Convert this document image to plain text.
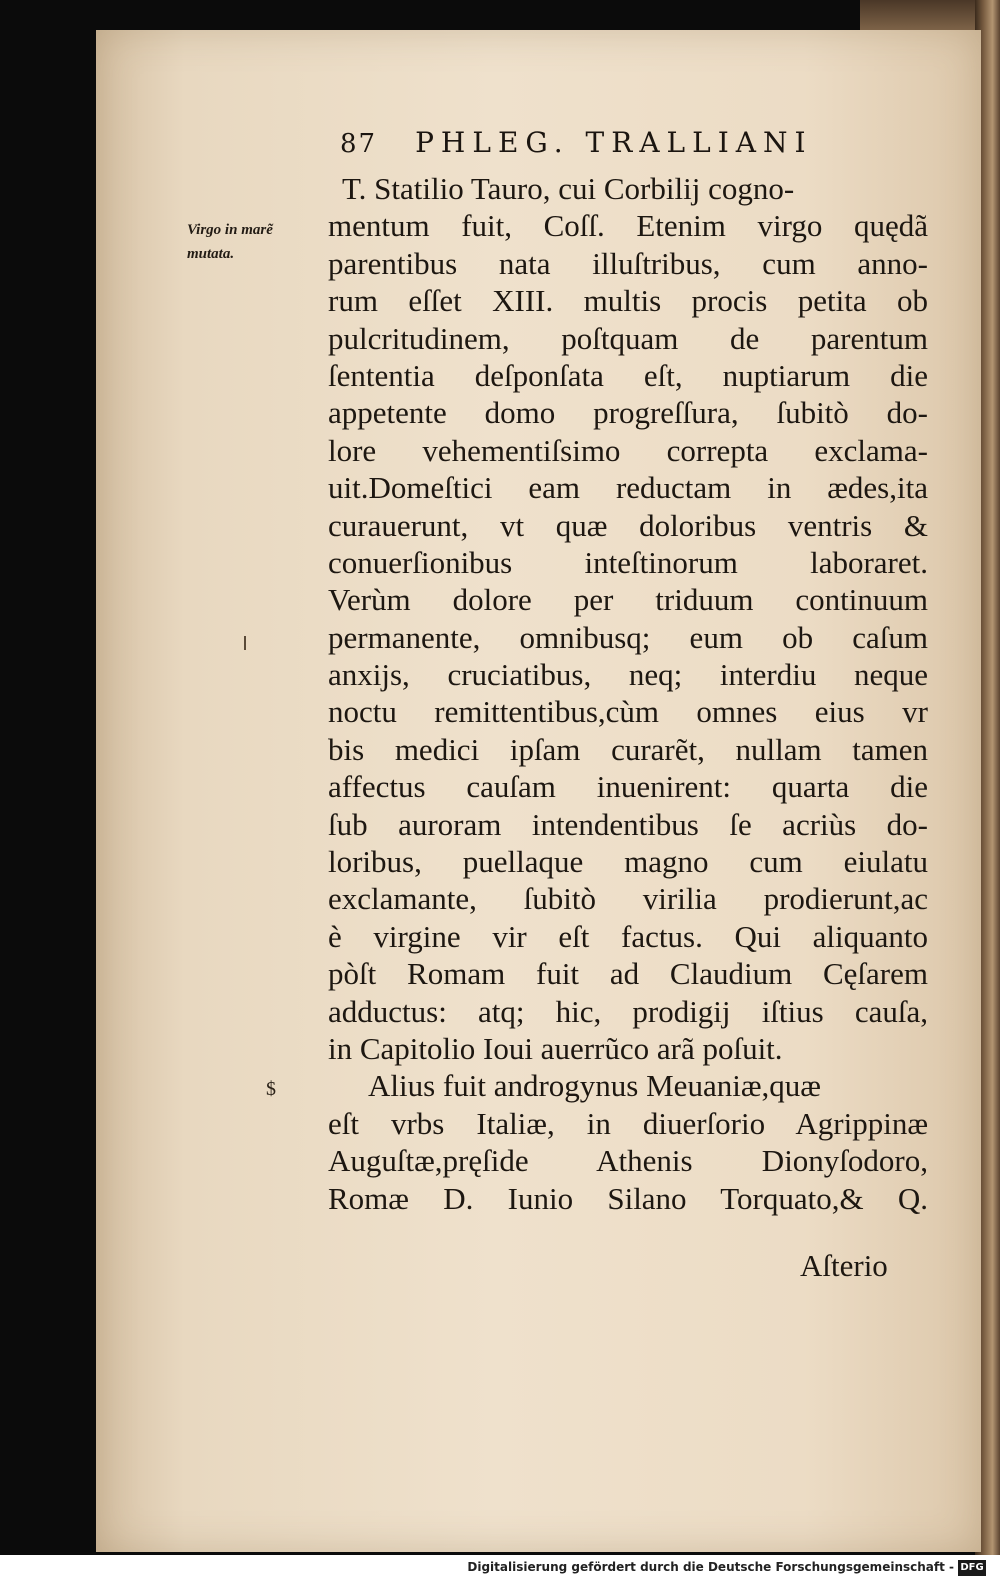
87 PHLEG. TRALLIANI
Virgo in marẽ
mutata.
$
T. Statilio Tauro, cui Corbilij cogno-
mentum fuit, Coſſ. Etenim virgo quędã
parentibus nata illuſtribus, cum anno-
rum eſſet XIII. multis procis petita ob
pulcritudinem, poſtquam de parentum
ſententia deſponſata eſt, nuptiarum die
appetente domo progreſſura, ſubitò do-
lore vehementiſsimo correpta exclama-
uit.Domeſtici eam reductam in ædes,ita
curauerunt, vt quæ doloribus ventris &
conuerſionibus inteſtinorum laboraret.
Verùm dolore per triduum continuum
permanente, omnibusq; eum ob caſum
anxijs, cruciatibus, neq; interdiu neque
noctu remittentibus,cùm omnes eius vr
bis medici ipſam curarẽt, nullam tamen
affectus cauſam inuenirent: quarta die
ſub auroram intendentibus ſe acriùs do-
loribus, puellaque magno cum eiulatu
exclamante, ſubitò virilia prodierunt,ac
è virgine vir eſt factus. Qui aliquanto
pòſt Romam fuit ad Claudium Cęſarem
adductus: atq; hic, prodigij iſtius cauſa,
in Capitolio Ioui auerrũco arã poſuit.
Alius fuit androgynus Meuaniæ,quæ
eſt vrbs Italiæ, in diuerſorio Agrippinæ
Auguſtæ,pręſide Athenis Dionyſodoro,
Romæ D. Iunio Silano Torquato,& Q.
Aſterio
Digitalisierung gefördert durch die Deutsche Forschungsgemeinschaft - DFG
